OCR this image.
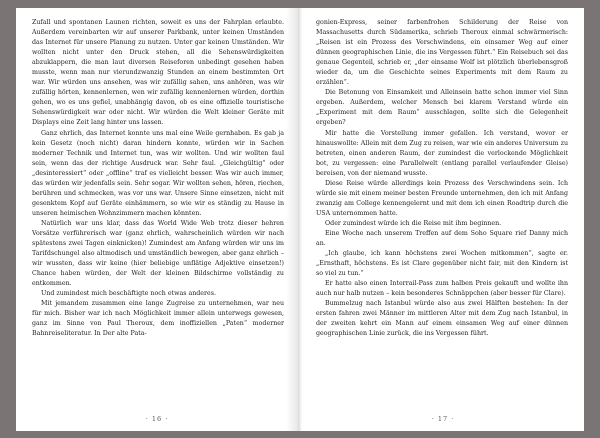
Zufall und spontanen Launen richten, soweit es uns der Fahrplan erlaubte. Außerdem vereinbarten wir auf unserer Parkbank, unter keinen Umständen das Internet für unsere Planung zu nutzen. Unter gar keinen Umständen. Wir wollten nicht unter den Druck stehen, all die Sehenswürdigkeiten abzuklappern, die man laut diversen Reiseforen unbedingt gesehen haben musste, wenn man nur vierundzwanzig Stunden an einem bestimmten Ort war. Wir würden uns ansehen, was wir zufällig sahen, uns anhören, was wir zufällig hörten, kennenlernen, wen wir zufällig kennenlernen würden, dorthin gehen, wo es uns gefiel, unabhängig davon, ob es eine offizielle touristische Sehenswürdigkeit war oder nicht. Wir würden die Welt kleiner Geräte mit Displays eine Zeit lang hinter uns lassen.

Ganz ehrlich, das Internet konnte uns mal eine Weile gernhaben. Es gab ja kein Gesetz (noch nicht) daran hindern konnte, würden wir in Sachen moderner Technik und Internet tun, was wir wollten. Und wir wollten faul sein, wenn das der richtige Ausdruck war. Sehr faul. „Gleichgültig“ oder „desinteressiert“ oder „offline“ traf es vielleicht besser. Was wir auch immer, das würden wir jedenfalls sein. Sehr sogar. Wir wollten sehen, hören, riechen, berühren und schmecken, was vor uns war. Unsere Sinne einsetzen, nicht mit gesenktem Kopf auf Geräte einhämmern, so wie wir es ständig zu Hause in unseren heimischen Wohnzimmern machen könnten.

Natürlich war uns klar, dass das World Wide Web trotz dieser hehren Vorsätze verführerisch war (ganz ehrlich, wahrscheinlich würden wir nach spätestens zwei Tagen einknicken)! Zumindest am Anfang würden wir uns im Tarifdschungel also altmodisch und umständlich bewegen, aber ganz ehrlich – wir wussten, dass wir keine (hier beliebige unflätige Adjektive einsetzen!) Chance haben würden, der Welt der kleinen Bildschirme vollständig zu entkommen.

Und zumindest mich beschäftigte noch etwas anderes.

Mit jemandem zusammen eine lange Zugreise zu unternehmen, war neu für mich. Bisher war ich nach Möglichkeit immer allein unterwegs gewesen, ganz im Sinne von Paul Theroux, dem inoffiziellen „Paten“ moderner Bahnreiseliteratur. In Der alte Pata-

· 16 ·

gonien-Express, seiner farbenfrohen Schilderung der Reise von Massachusetts durch Südamerika, schrieb Theroux einmal schwärmerisch: „Reisen ist ein Prozess des Verschwindens, ein einsamer Weg auf einer dünnen geographischen Linie, die ins Vergessen führt.“ Ein Reisebuch sei das genaue Gegenteil, schrieb er, „der einsame Wolf ist plötzlich überlebensgroß wieder da, um die Geschichte seines Experiments mit dem Raum zu erzählen“.

Die Betonung von Einsamkeit und Alleinsein hatte schon immer viel Sinn ergeben. Außerdem, welcher Mensch bei klarem Verstand würde ein „Experiment mit dem Raum“ ausschlagen, sollte sich die Gelegenheit ergeben?

Mir hatte die Vorstellung immer gefallen. Ich verstand, wovor er hinauswollte: Allein mit dem Zug zu reisen, war wie ein anderes Universum zu betreten, einen anderen Raum, der zumindest die verlockende Möglichkeit bot, zu vergessen: eine Parallelwelt (entlang parallel verlaufender Gleise) bereisen, von der niemand wusste.

Diese Reise würde allerdings kein Prozess des Verschwindens sein. Ich würde sie mit einem meiner besten Freunde unternehmen, den ich mit Anfang zwanzig am College kennengelernt und mit dem ich einen Roadtrip durch die USA unternommen hatte.

Oder zumindest würde ich die Reise mit ihm beginnen.

Eine Woche nach unserem Treffen auf dem Soho Square rief Danny mich an.

„Ich glaube, ich kann höchstens zwei Wochen mitkommen“, sagte er. „Ernsthaft, höchstens. Es ist Clare gegenüber nicht fair, mit den Kindern ist so viel zu tun.“

Er hatte also einen Interrail-Pass zum halben Preis gekauft und wollte ihn auch nur halb nutzen – kein besonderes Schnäppchen (aber besser für Clare).

Bummelzug nach Istanbul würde also aus zwei Hälften bestehen: In der ersten fahren zwei Männer im mittleren Alter mit dem Zug nach Istanbul, in der zweiten kehrt ein Mann auf einem einsamen Weg auf einer dünnen geographischen Linie zurück, die ins Vergessen führt.

· 17 ·
